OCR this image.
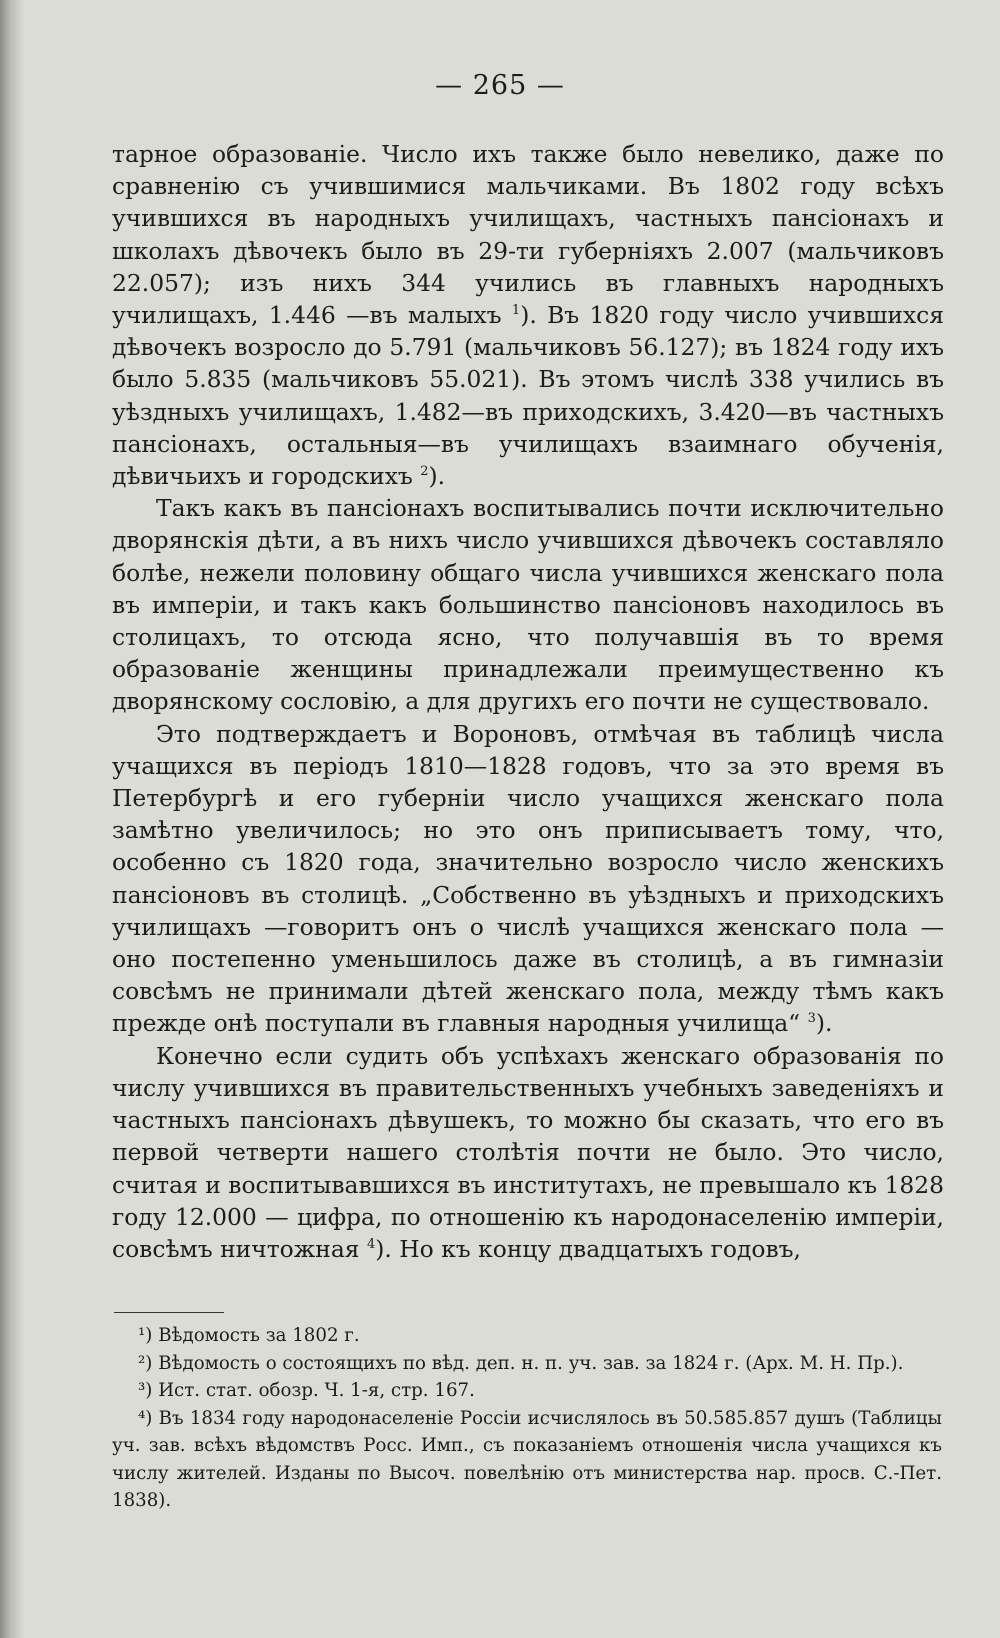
— 265 —

тарное образованіе. Число ихъ также было невелико, даже по сравненію съ учившимися мальчиками. Въ 1802 году всѣхъ учившихся въ народныхъ училищахъ, частныхъ пансіонахъ и школахъ дѣвочекъ было въ 29-ти губерніяхъ 2.007 (мальчиковъ 22.057); изъ нихъ 344 учились въ главныхъ народныхъ училищахъ, 1.446 —въ малыхъ $^1$). Въ 1820 году число учившихся дѣвочекъ возросло до 5.791 (мальчиковъ 56.127); въ 1824 году ихъ было 5.835 (мальчиковъ 55.021). Въ этомъ числѣ 338 учились въ уѣздныхъ училищахъ, 1.482—въ приходскихъ, 3.420—въ частныхъ пансіонахъ, остальныя—въ училищахъ взаимнаго обученія, дѣвичьихъ и городскихъ $^2$).

Такъ какъ въ пансіонахъ воспитывались почти исключительно дворянскія дѣти, а въ нихъ число учившихся дѣвочекъ составляло болѣе, нежели половину общаго числа учившихся женскаго пола въ имперіи, и такъ какъ большинство пансіоновъ находилось въ столицахъ, то отсюда ясно, что получавшія въ то время образованіе женщины принадлежали преимущественно къ дворянскому сословію, а для другихъ его почти не существовало.

Это подтверждаетъ и Вороновъ, отмѣчая въ таблицѣ числа учащихся въ періодъ 1810—1828 годовъ, что за это время въ Петербургѣ и его губерніи число учащихся женскаго пола замѣтно увеличилось; но это онъ приписываетъ тому, что, особенно съ 1820 года, значительно возросло число женскихъ пансіоновъ въ столицѣ. „Собственно въ уѣздныхъ и приходскихъ училищахъ —говоритъ онъ о числѣ учащихся женскаго пола — оно постепенно уменьшилось даже въ столицѣ, а въ гимназіи совсѣмъ не принимали дѣтей женскаго пола, между тѣмъ какъ прежде онѣ поступали въ главныя народныя училища“ $^3$).

Конечно если судить объ успѣхахъ женскаго образованія по числу учившихся въ правительственныхъ учебныхъ заведеніяхъ и частныхъ пансіонахъ дѣвушекъ, то можно бы сказать, что его въ первой четверти нашего столѣтія почти не было. Это число, считая и воспитывавшихся въ институтахъ, не превышало къ 1828 году 12.000 — цифра, по отношенію къ народонаселенію имперіи, совсѣмъ ничтожная $^4$). Но къ концу двадцатыхъ годовъ,

¹) Вѣдомость за 1802 г.

²) Вѣдомость о состоящихъ по вѣд. деп. н. п. уч. зав. за 1824 г. (Арх. М. Н. Пр.).

³) Ист. стат. обозр. Ч. 1-я, стр. 167.

⁴) Въ 1834 году народонаселеніе Россіи исчислялось въ 50.585.857 душъ (Таблицы уч. зав. всѣхъ вѣдомствъ Росс. Имп., съ показаніемъ отношенія числа учащихся къ числу жителей. Изданы по Высоч. повелѣнію отъ министерства нар. просв. С.-Пет. 1838).
